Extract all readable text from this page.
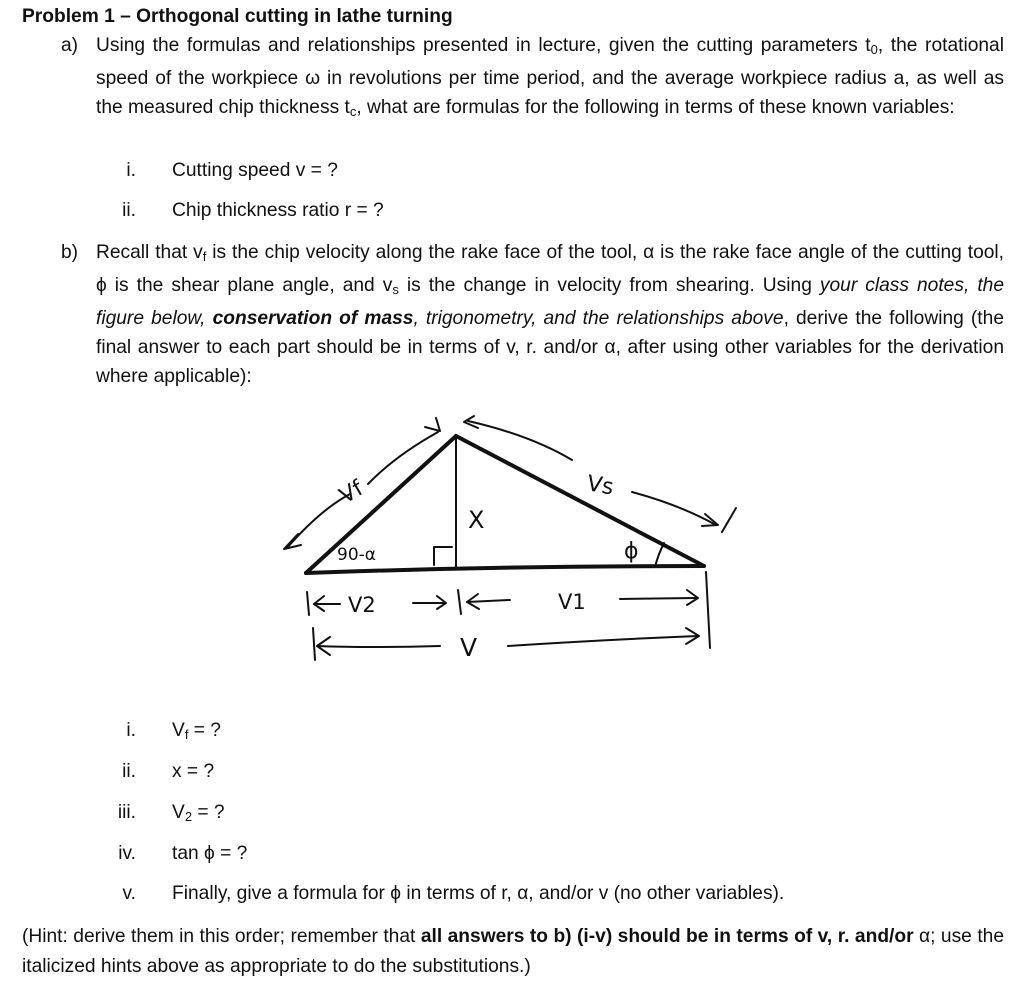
Problem 1 – Orthogonal cutting in lathe turning
a) Using the formulas and relationships presented in lecture, given the cutting parameters $t_0$, the rotational speed of the workpiece ω in revolutions per time period, and the average workpiece radius a, as well as the measured chip thickness $t_c$, what are formulas for the following in terms of these known variables:

i. Cutting speed v = ?
ii. Chip thickness ratio r = ?
b) Recall that $v_f$ is the chip velocity along the rake face of the tool, α is the rake face angle of the cutting tool, ϕ is the shear plane angle, and $v_s$ is the change in velocity from shearing. Using your class notes, the figure below, conservation of mass, trigonometry, and the relationships above, derive the following (the final answer to each part should be in terms of v, r. and/or α, after using other variables for the derivation where applicable):

Vf	Vs
X
90-α	ϕ
V2	V1
V
i. $V_f$ = ?
ii. x = ?
iii. $V_2$ = ?
iv. tan ϕ = ?
v. Finally, give a formula for ϕ in terms of r, α, and/or v (no other variables).
(Hint: derive them in this order; remember that all answers to b) (i-v) should be in terms of v, r. and/or α; use the italicized hints above as appropriate to do the substitutions.)
